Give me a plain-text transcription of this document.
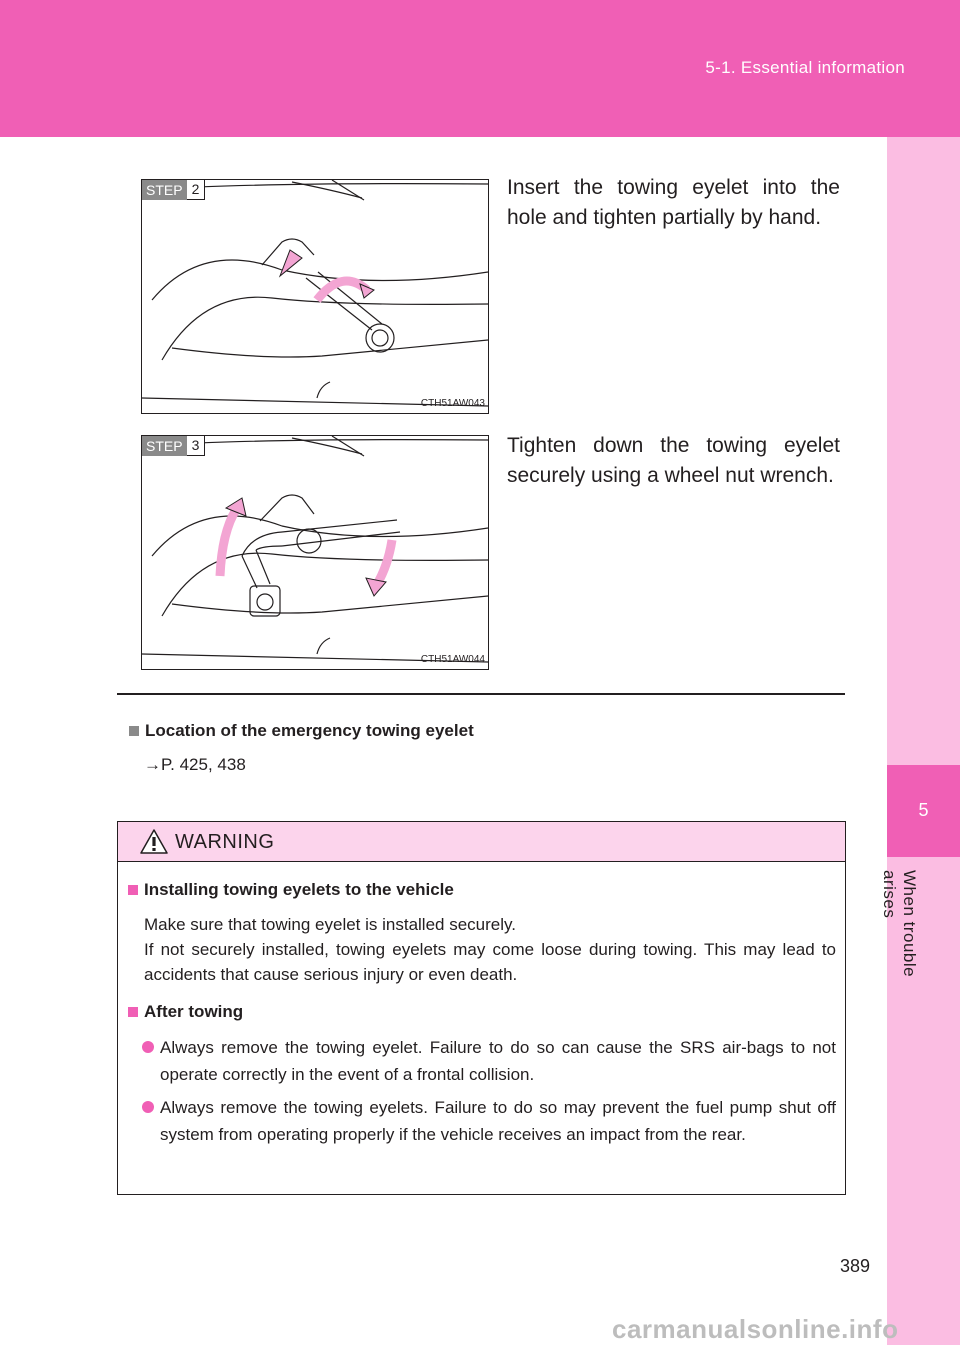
5-1. Essential information
5
When trouble arises
STEP 2
CTH51AW043
Insert the towing eyelet into the hole and tighten partially by hand.
STEP 3
CTH51AW044
Tighten down the towing eyelet securely using a wheel nut wrench.
Location of the emergency towing eyelet
→P. 425, 438
WARNING
Installing towing eyelets to the vehicle
Make sure that towing eyelet is installed securely.
If not securely installed, towing eyelets may come loose during towing. This may lead to accidents that cause serious injury or even death.
After towing
Always remove the towing eyelet. Failure to do so can cause the SRS air-bags to not operate correctly in the event of a frontal collision.
Always remove the towing eyelets. Failure to do so may prevent the fuel pump shut off system from operating properly if the vehicle receives an impact from the rear.
389
carmanualsonline.info
